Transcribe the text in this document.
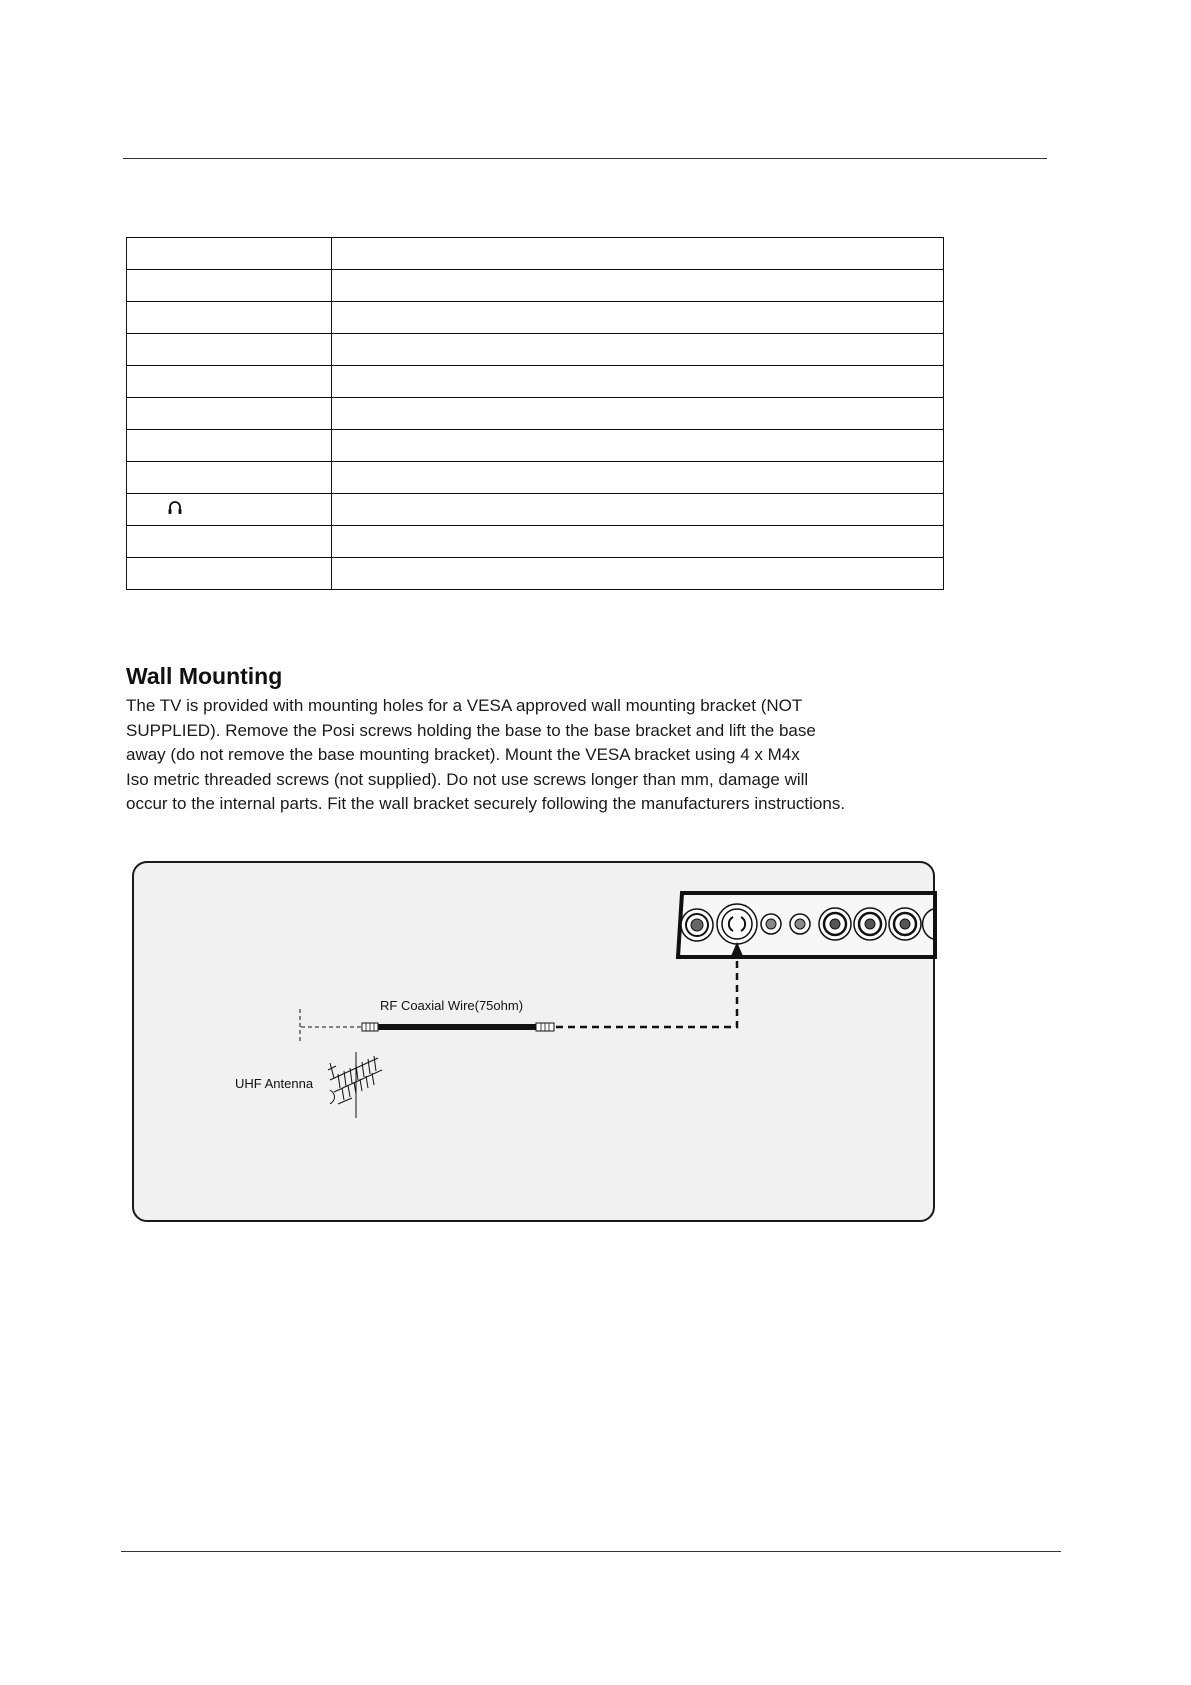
Wall Mounting
The TV is provided with mounting holes for a VESA approved wall mounting bracket (NOT
SUPPLIED). Remove the Posi screws holding the base to the base bracket and lift the base
away (do not remove the base mounting bracket). Mount the VESA bracket using 4 x M4x
Iso metric threaded screws (not supplied). Do not use screws longer than mm, damage will
occur to the internal parts. Fit the wall bracket securely following the manufacturers instructions.
RF Coaxial Wire(75ohm)
UHF Antenna
